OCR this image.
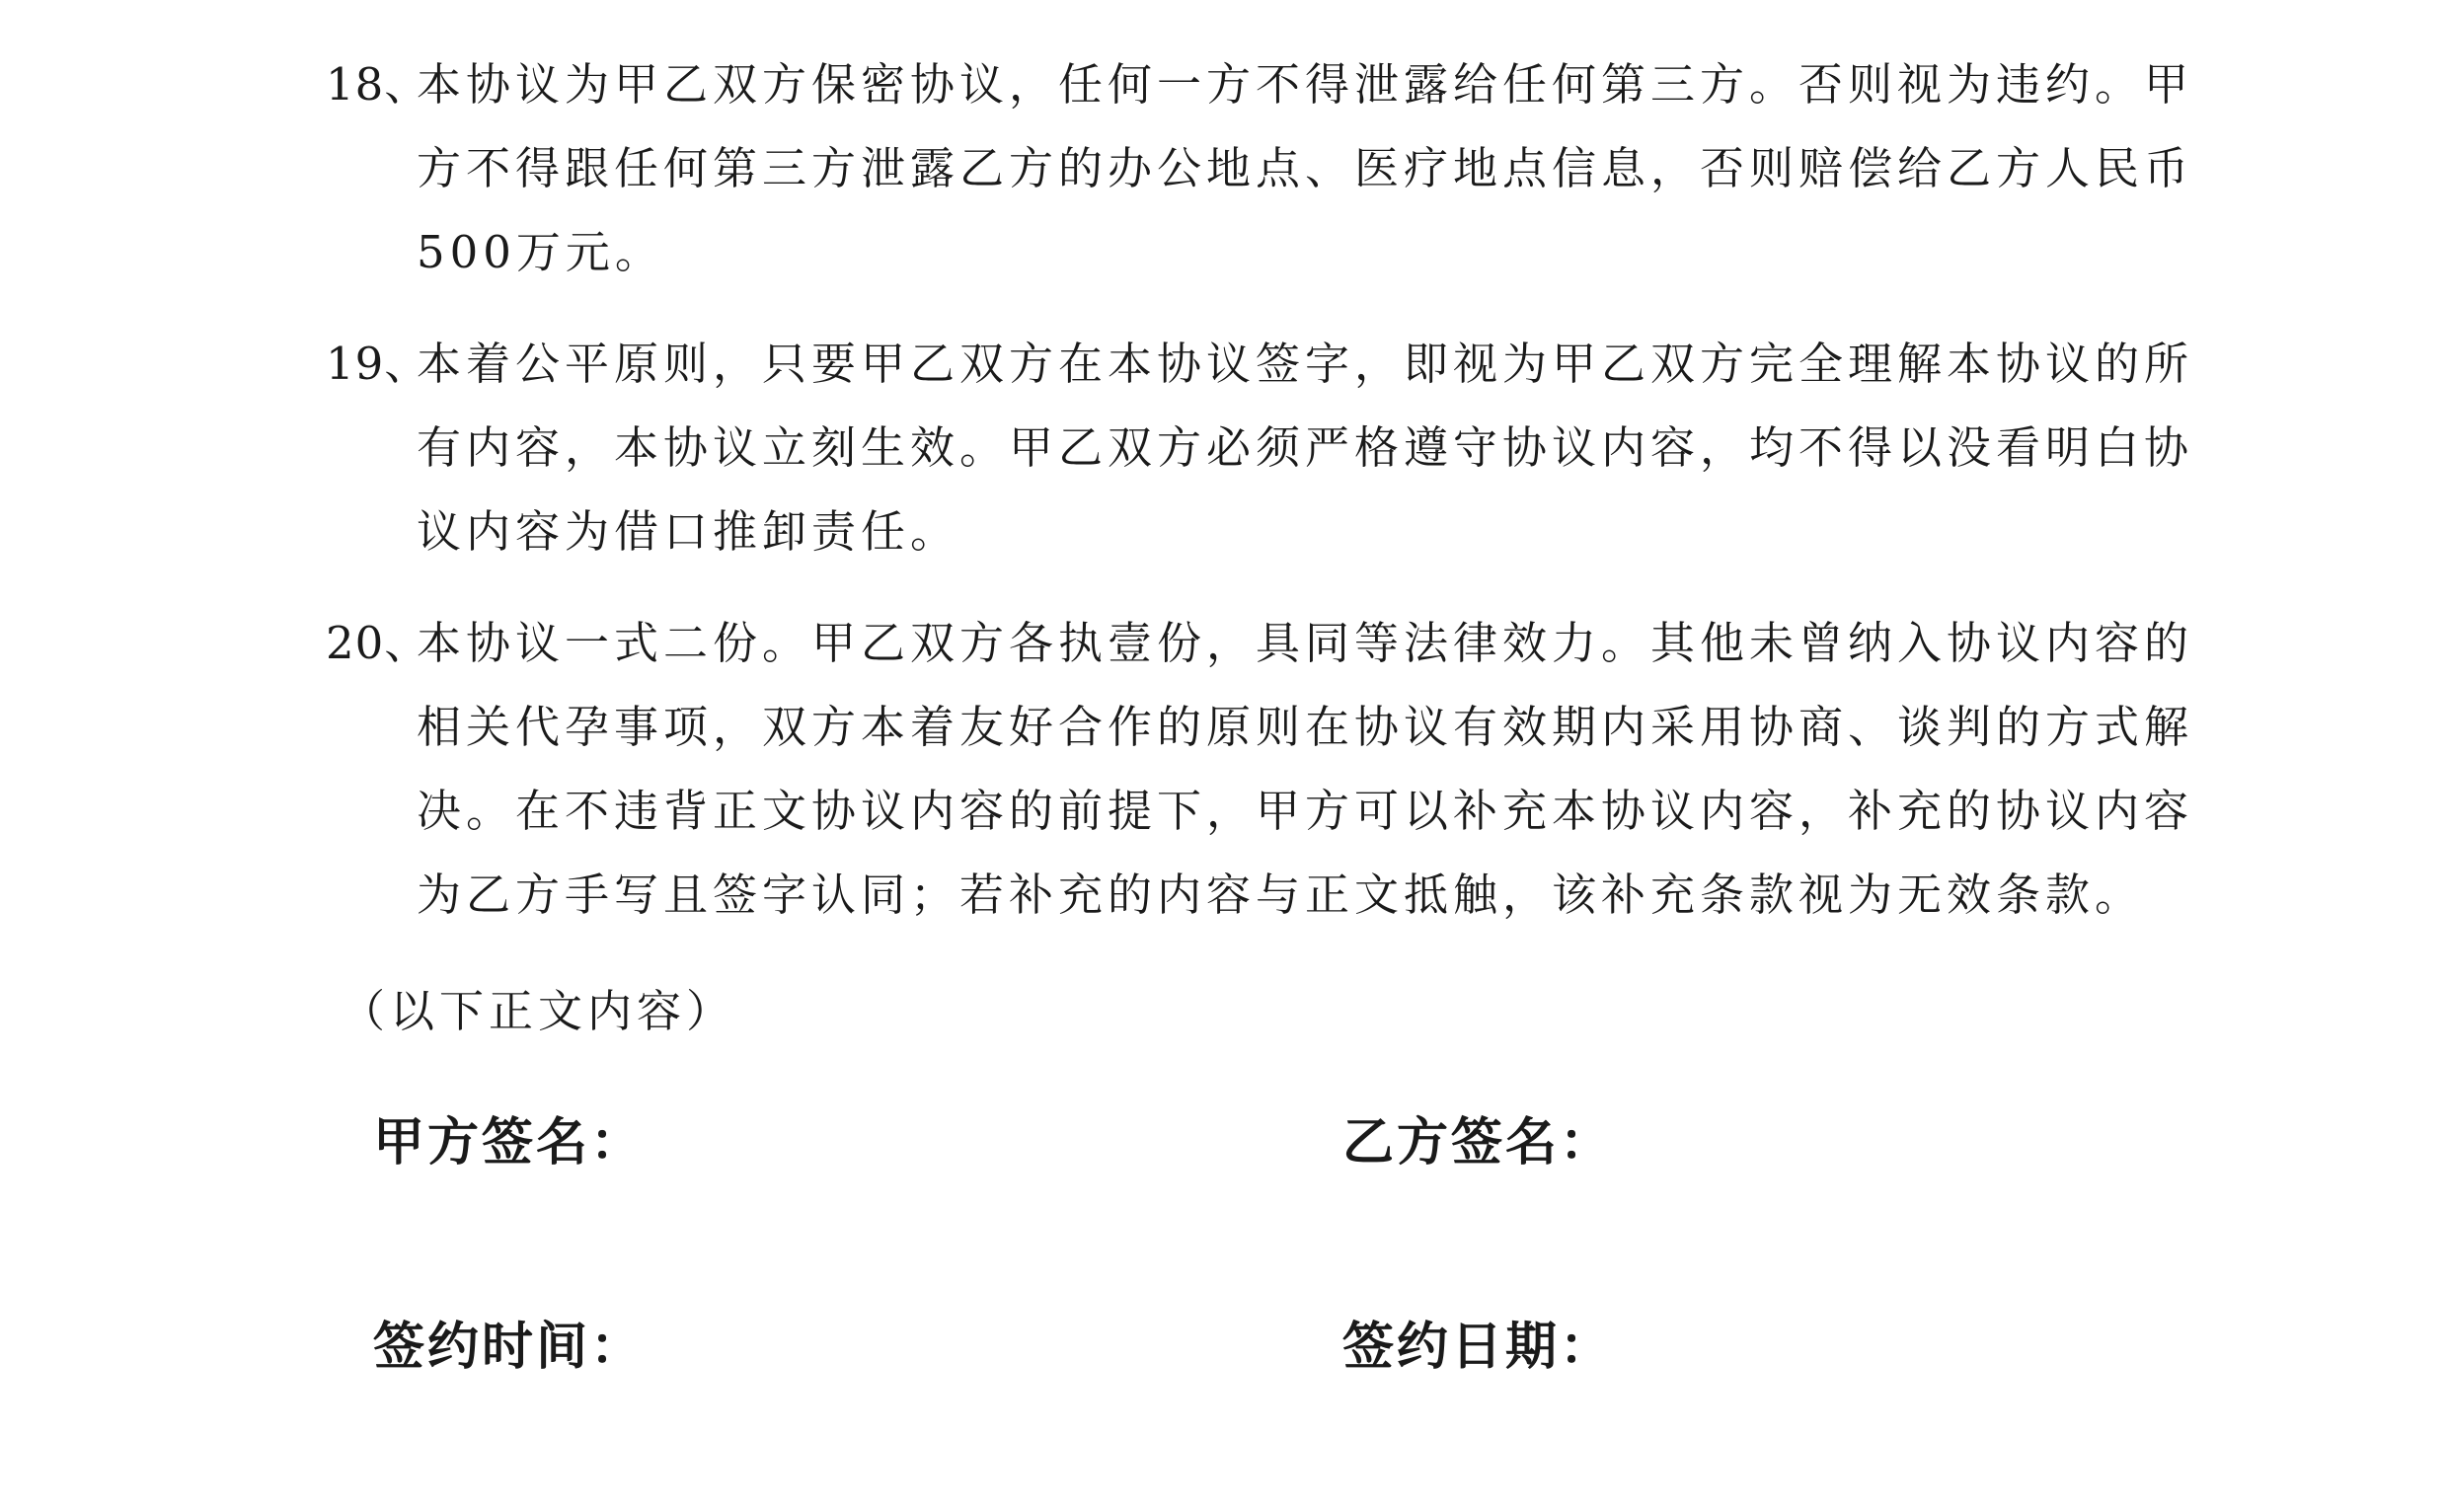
18、
本协议为甲乙双方保密协议，任何一方不得泄露给任何第三方。否则视为违约。甲方不得跟任何第三方泄露乙方的办公地点、医疗地点信息，否则赔偿给乙方人民币500万元。
19、
本着公平原则，只要甲乙双方在本协议签字，即视为甲乙双方完全理解本协议的所有内容，本协议立刻生效。甲乙双方必须严格遵守协议内容，均不得以没看明白协议内容为借口推卸责任。
20、
本协议一式二份。甲乙双方各执壹份，具同等法律效力。其他未曾纳入协议内容的相关代孕事项，双方本着友好合作的原则在协议有效期内采用协商、谈判的方式解决。在不违背正文协议内容的前提下，甲方可以补充本协议内容，补充的协议内容为乙方手写且签字认同；若补充的内容与正文抵触，该补充条款视为无效条款。
（以下正文内容）
甲方签名：	乙方签名：
签约时间：	签约日期：
